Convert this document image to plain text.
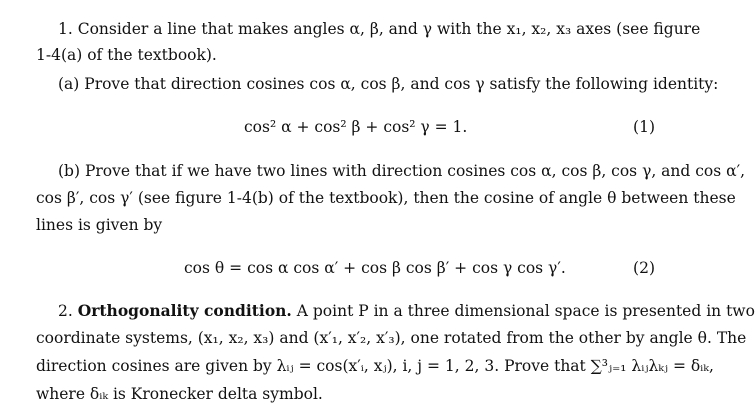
1. Consider a line that makes angles α, β, and γ with the x₁, x₂, x₃ axes (see figure
1-4(a) of the textbook).
(a) Prove that direction cosines cos α, cos β, and cos γ satisfy the following identity:
cos² α + cos² β + cos² γ = 1.	(1)
(b) Prove that if we have two lines with direction cosines cos α, cos β, cos γ, and cos α′,
cos β′, cos γ′ (see figure 1-4(b) of the textbook), then the cosine of angle θ between these
lines is given by
cos θ = cos α cos α′ + cos β cos β′ + cos γ cos γ′.	(2)
2. Orthogonality condition. A point P in a three dimensional space is presented in two
coordinate systems, (x₁, x₂, x₃) and (x′₁, x′₂, x′₃), one rotated from the other by angle θ. The
direction cosines are given by λᵢⱼ = cos(x′ᵢ, xⱼ), i, j = 1, 2, 3. Prove that ∑³ⱼ₌₁ λᵢⱼλₖⱼ = δᵢₖ,
where δᵢₖ is Kronecker delta symbol.
